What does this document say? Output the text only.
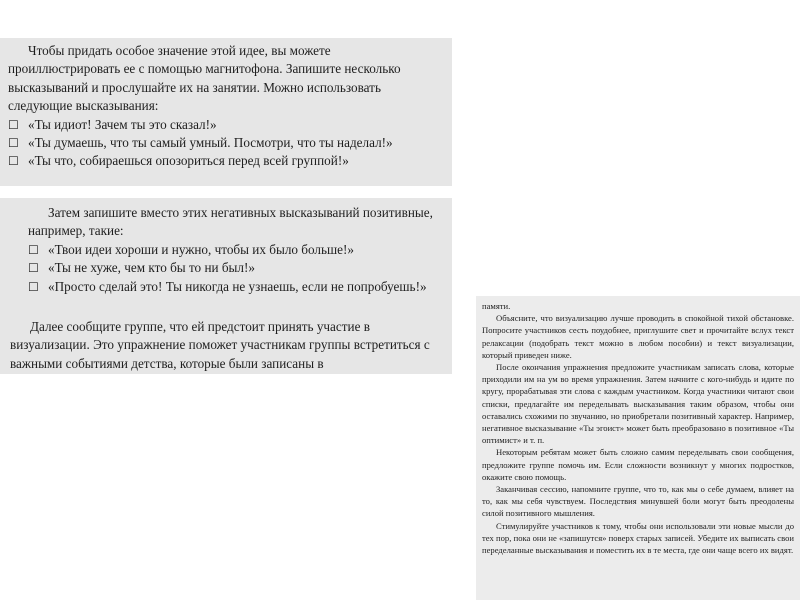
Чтобы придать особое значение этой идее, вы можете проиллюстрировать ее с помощью магнитофона. Запишите несколько высказываний и прослушайте их на занятии. Можно использовать следующие высказывания:

☐ «Ты идиот! Зачем ты это сказал!»
☐ «Ты думаешь, что ты самый умный. Посмотри, что ты наделал!»
☐ «Ты что, собираешься опозориться перед всей группой!»

Затем запишите вместо этих негативных высказываний позитивные, например, такие:

☐ «Твои идеи хороши и нужно, чтобы их было больше!»
☐ «Ты не хуже, чем кто бы то ни был!»
☐ «Просто сделай это! Ты никогда не узнаешь, если не попробуешь!»

Далее сообщите группе, что ей предстоит принять участие в визуализации. Это упражнение поможет участникам группы встретиться с важными событиями детства, которые были записаны в

памяти.

Объясните, что визуализацию лучше проводить в спокойной тихой обстановке. Попросите участников сесть поудобнее, приглушите свет и прочитайте вслух текст релаксации (подобрать текст можно в любом пособии) и текст визуализации, который приведен ниже.

После окончания упражнения предложите участникам записать слова, которые приходили им на ум во время упражнения. Затем начните с кого-нибудь и идите по кругу, прорабатывая эти слова с каждым участником. Когда участники читают свои списки, предлагайте им переделывать высказывания таким образом, чтобы они оставались схожими по звучанию, но приобретали позитивный характер. Например, негативное высказывание «Ты эгоист» может быть преобразовано в позитивное «Ты оптимист» и т. п.

Некоторым ребятам может быть сложно самим переделывать свои сообщения, предложите группе помочь им. Если сложности возникнут у многих подростков, окажите свою помощь.

Заканчивая сессию, напомните группе, что то, как мы о себе думаем, влияет на то, как мы себя чувствуем. Последствия минувшей боли могут быть преодолены силой позитивного мышления.

Стимулируйте участников к тому, чтобы они использовали эти новые мысли до тех пор, пока они не «запишутся» поверх старых записей. Убедите их выписать свои переделанные высказывания и поместить их в те места, где они чаще всего их видят.
